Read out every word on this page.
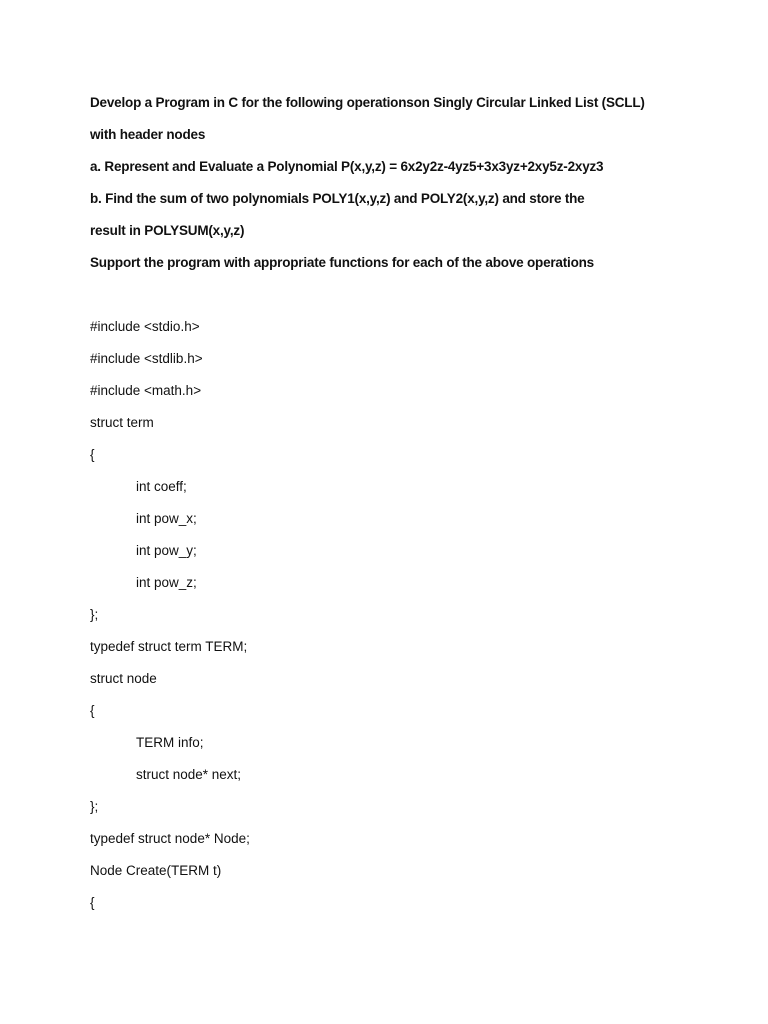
Develop a Program in C for the following operationson Singly Circular Linked List (SCLL)
with header nodes
a. Represent and Evaluate a Polynomial P(x,y,z) = 6x2y2z-4yz5+3x3yz+2xy5z-2xyz3
b. Find the sum of two polynomials POLY1(x,y,z) and POLY2(x,y,z) and store the
result in POLYSUM(x,y,z)
Support the program with appropriate functions for each of the above operations
#include <stdio.h>
#include <stdlib.h>
#include <math.h>
struct term
{
int coeff;
int pow_x;
int pow_y;
int pow_z;
};
typedef struct term TERM;
struct node
{
TERM info;
struct node* next;
};
typedef struct node* Node;
Node Create(TERM t)
{
